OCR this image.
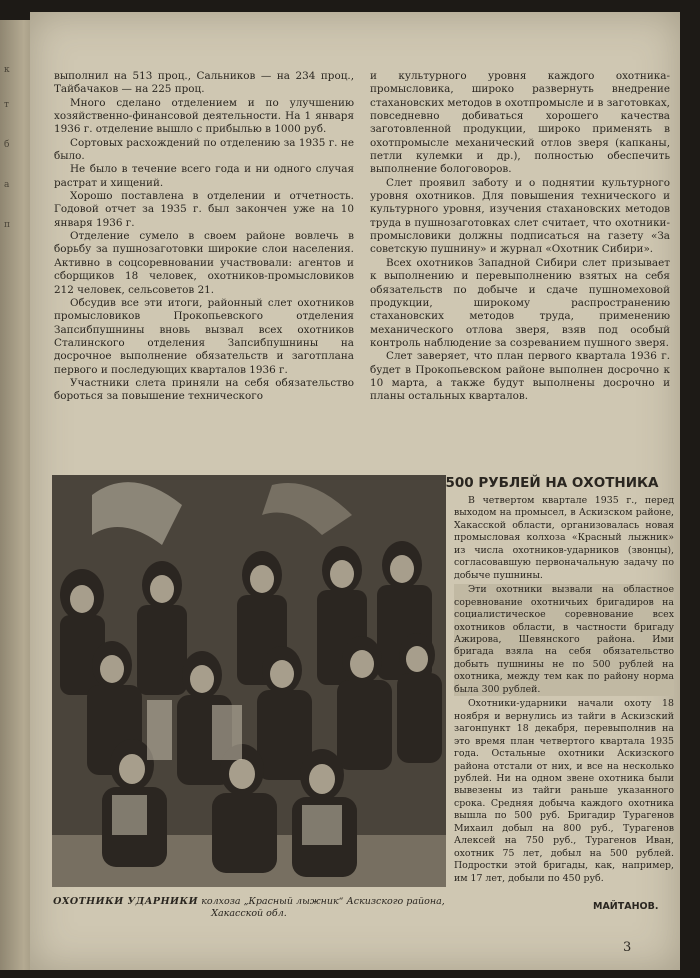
к
т
б
а
п

выполнил на 513 проц., Сальников — на 234 проц., Тайбачаков — на 225 проц.

Много сделано отделением и по улучшению хозяйственно-финансовой деятельности. На 1 января 1936 г. отделение вышло с прибылью в 1000 руб.

Сортовых расхождений по отделению за 1935 г. не было.

Не было в течение всего года и ни одного случая растрат и хищений.

Хорошо поставлена в отделении и отчетность. Годовой отчет за 1935 г. был закончен уже на 10 января 1936 г.

Отделение сумело в своем районе вовлечь в борьбу за пушнозаготовки широкие слои населения. Активно в соцсоревновании участвовали: агентов и сборщиков 18 человек, охотников-промысловиков 212 человек, сельсоветов 21.

Обсудив все эти итоги, районный слет охотников промысловиков Прокопьевского отделения Запсибпушнины вновь вызвал всех охотников Сталинского отделения Запсибпушнины на досрочное выполнение обязательств и заготплана первого и последующих кварталов 1936 г.

Участники слета приняли на себя обязательство бороться за повышение технического

и культурного уровня каждого охотника-промысловика, широко развернуть внедрение стахановских методов в охотпромысле и в заготовках, повседневно добиваться хорошего качества заготовленной продукции, широко применять в охотпромысле механический отлов зверя (капканы, петли кулемки и др.), полностью обеспечить выполнение бологоворов.

Слет проявил заботу и о поднятии культурного уровня охотников. Для повышения технического и культурного уровня, изучения стахановских методов труда в пушнозаготовках слет считает, что охотники-промысловики должны подписаться на газету «За советскую пушнину» и журнал «Охотник Сибири».

Всех охотников Западной Сибири слет призывает к выполнению и перевыполнению взятых на себя обязательств по добыче и сдаче пушномеховой продукции, широкому распространению стахановских методов труда, применению механического отлова зверя, взяв под особый контроль наблюдение за созреванием пушного зверя.

Слет заверяет, что план первого квартала 1936 г. будет в Прокопьевском районе выполнен досрочно к 10 марта, а также будут выполнены досрочно и планы остальных кварталов.

ОХОТНИКИ УДАРНИКИ колхоза „Красный лыжник“ Аскизского района, Хакасской обл.
500 РУБЛЕЙ НА ОХОТНИКА

В четвертом квартале 1935 г., перед выходом на промысел, в Аскизском районе, Хакасской области, организовалась новая промысловая колхоза «Красный лыжник» из числа охотников-ударников (звонцы), согласовавшую первоначальную задачу по добыче пушнины.

Эти охотники вызвали на областное соревнование охотничьих бригадиров на социалистическое соревнование всех охотников области, в частности бригаду Ажирова, Шевянского района. Ими бригада взяла на себя обязательство добыть пушнины не по 500 рублей на охотника, между тем как по району норма была 300 рублей.

Охотники-ударники начали охоту 18 ноября и вернулись из тайги в Аскизский загонпункт 18 декабря, перевыполнив на это время план четвертого квартала 1935 года. Остальные охотники Аскизского района отстали от них, и все на несколько рублей. Ни на одном звене охотника были вывезены из тайги раньше указанного срока. Средняя добыча каждого охотника вышла по 500 руб. Бригадир Турагенов Михаил добыл на 800 руб., Турагенов Алексей на 750 руб., Турагенов Иван, охотник 75 лет, добыл на 500 рублей. Подростки этой бригады, как, например, им 17 лет, добыли по 450 руб.

МАЙТАНОВ.
3
